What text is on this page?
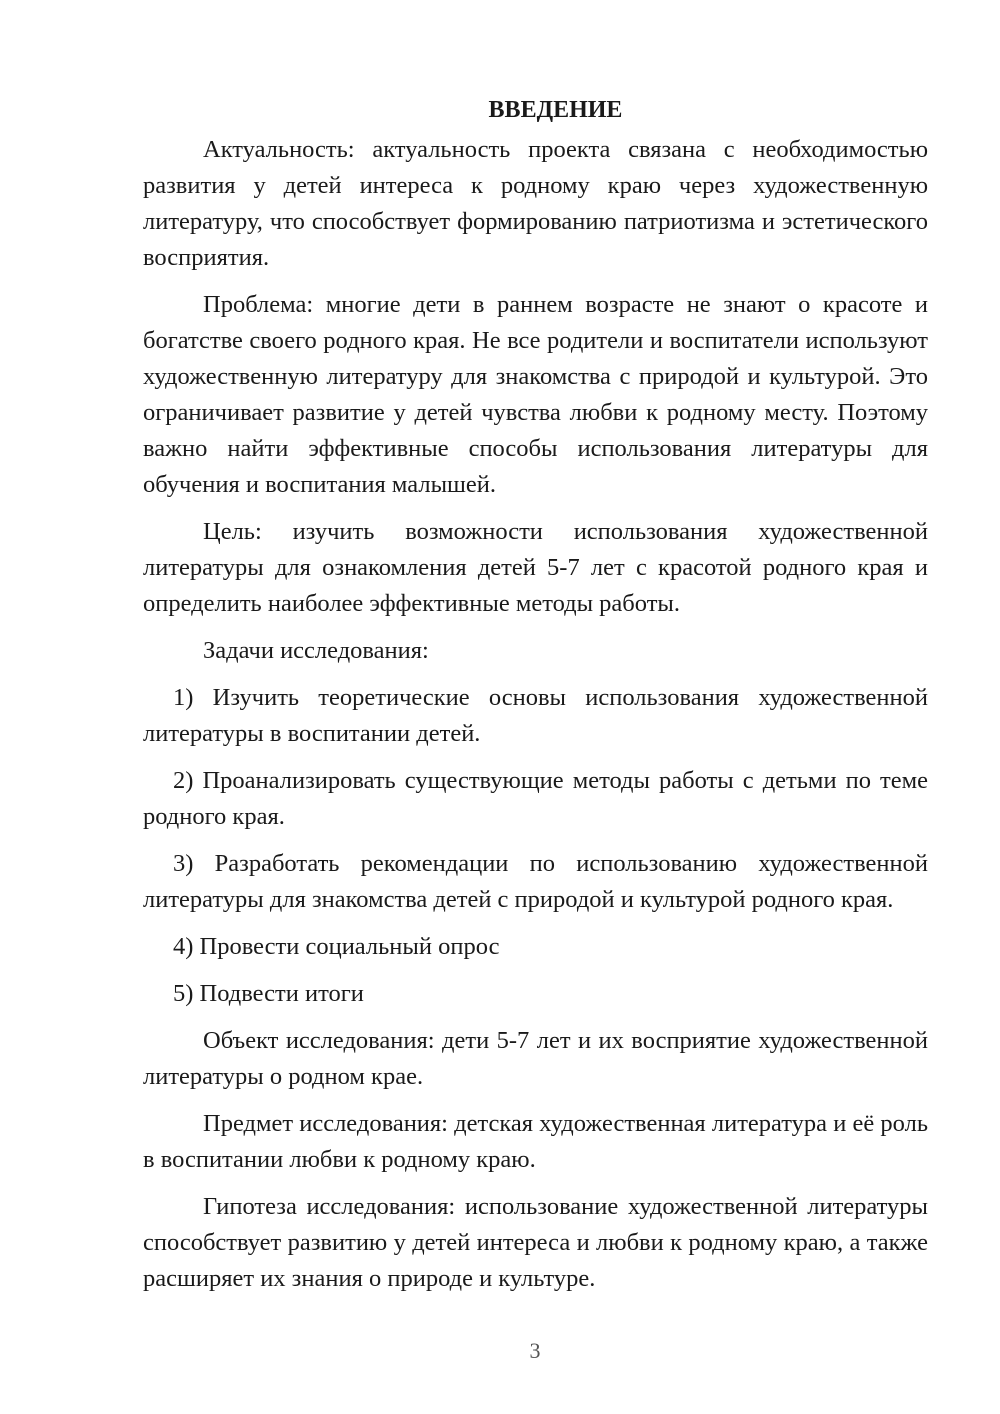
ВВЕДЕНИЕ

Актуальность: актуальность проекта связана с необходимостью развития у детей интереса к родному краю через художественную литературу, что способствует формированию патриотизма и эстетического восприятия.

Проблема: многие дети в раннем возрасте не знают о красоте и богатстве своего родного края. Не все родители и воспитатели используют художественную литературу для знакомства с природой и культурой. Это ограничивает развитие у детей чувства любви к родному месту. Поэтому важно найти эффективные способы использования литературы для обучения и воспитания малышей.

Цель: изучить возможности использования художественной литературы для ознакомления детей 5-7 лет с красотой родного края и определить наиболее эффективные методы работы.

Задачи исследования:

1) Изучить теоретические основы использования художественной литературы в воспитании детей.

2) Проанализировать существующие методы работы с детьми по теме родного края.

3) Разработать рекомендации по использованию художественной литературы для знакомства детей с природой и культурой родного края.

4) Провести социальный опрос

5) Подвести итоги

Объект исследования: дети 5-7 лет и их восприятие художественной литературы о родном крае.

Предмет исследования: детская художественная литература и её роль в воспитании любви к родному краю.

Гипотеза исследования: использование художественной литературы способствует развитию у детей интереса и любви к родному краю, а также расширяет их знания о природе и культуре.

3
